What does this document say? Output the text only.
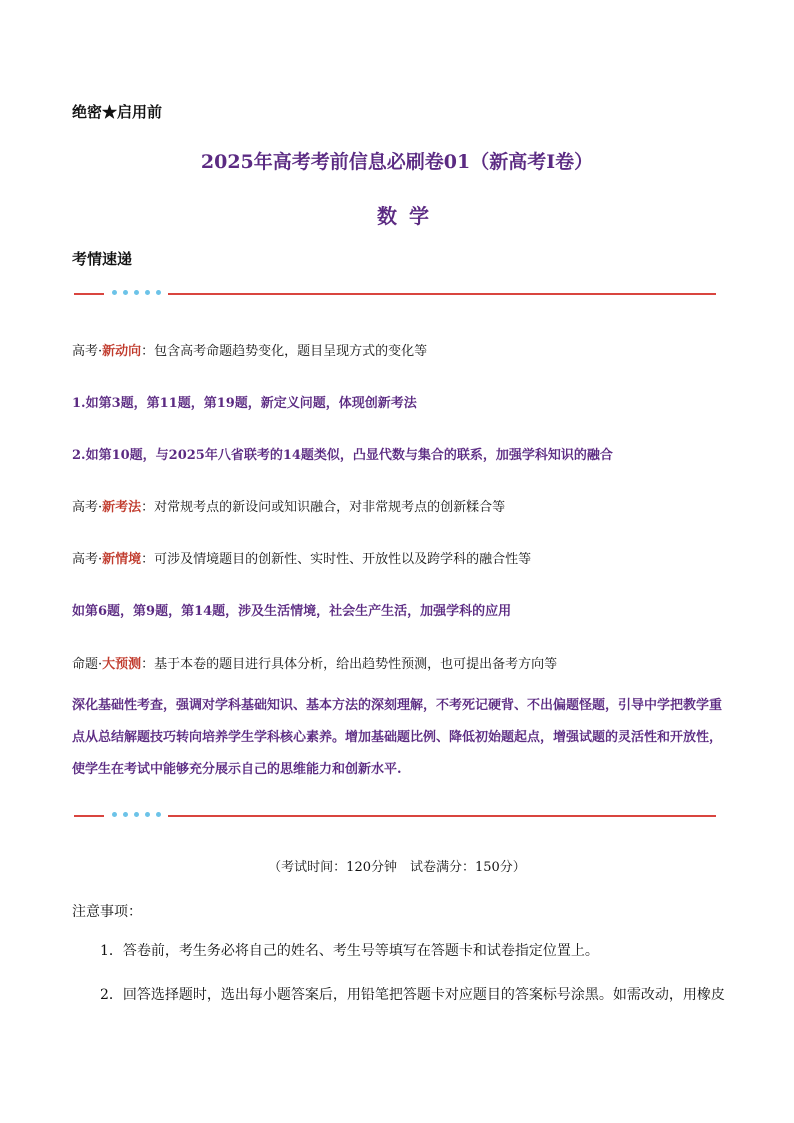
绝密★启用前
2025年高考考前信息必刷卷01（新高考Ⅰ卷）
数学
考情速递
高考·新动向：包含高考命题趋势变化，题目呈现方式的变化等
1.如第3题，第11题，第19题，新定义问题，体现创新考法
2.如第10题，与2025年八省联考的14题类似，凸显代数与集合的联系，加强学科知识的融合
高考·新考法：对常规考点的新设问或知识融合，对非常规考点的创新糅合等
高考·新情境：可涉及情境题目的创新性、实时性、开放性以及跨学科的融合性等
如第6题，第9题，第14题，涉及生活情境，社会生产生活，加强学科的应用
命题·大预测：基于本卷的题目进行具体分析，给出趋势性预测，也可提出备考方向等
深化基础性考查，强调对学科基础知识、基本方法的深刻理解，不考死记硬背、不出偏题怪题，引导中学把教学重点从总结解题技巧转向培养学生学科核心素养。增加基础题比例、降低初始题起点，增强试题的灵活性和开放性，使学生在考试中能够充分展示自己的思维能力和创新水平.
（考试时间：120分钟　试卷满分：150分）
注意事项：
1．答卷前，考生务必将自己的姓名、考生号等填写在答题卡和试卷指定位置上。
2．回答选择题时，选出每小题答案后，用铅笔把答题卡对应题目的答案标号涂黑。如需改动，用橡皮
